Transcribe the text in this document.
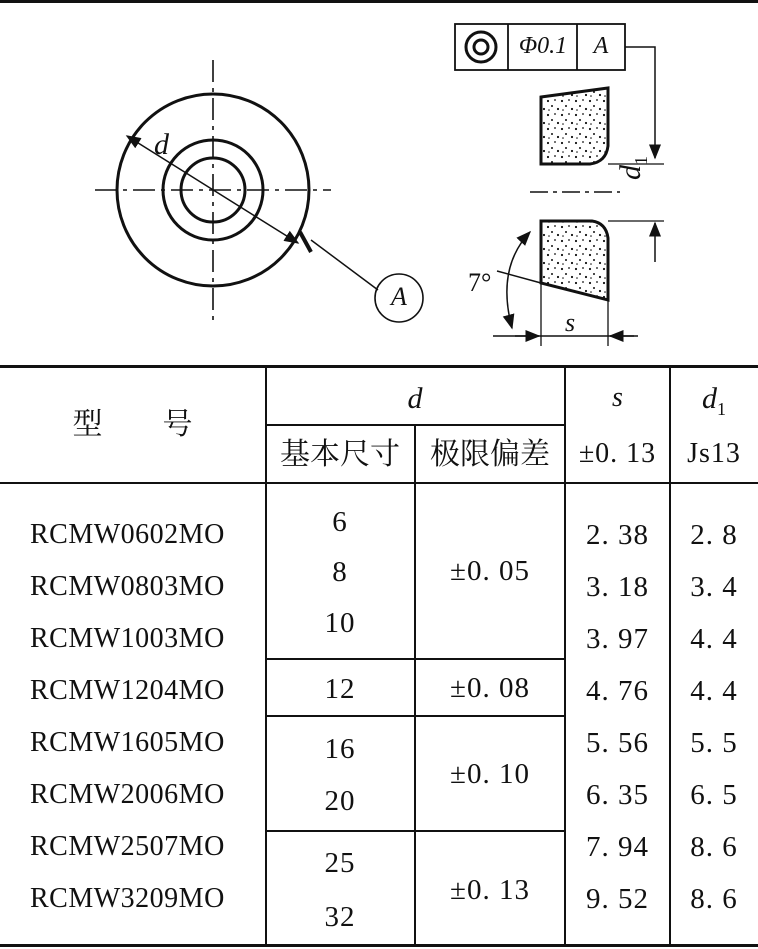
d
A
Φ0.1	A
$d_1$
7°
s
型　　号
d
基本尺寸	极限偏差
s
±0. 13
$d_1$
Js13
RCMW0602MO
RCMW0803MO
RCMW1003MO
RCMW1204MO
RCMW1605MO
RCMW2006MO
RCMW2507MO
RCMW3209MO
6
8
10
12
16
20
25
32
±0. 05
±0. 08
±0. 10
±0. 13
2. 38
3. 18
3. 97
4. 76
5. 56
6. 35
7. 94
9. 52
2. 8
3. 4
4. 4
4. 4
5. 5
6. 5
8. 6
8. 6
